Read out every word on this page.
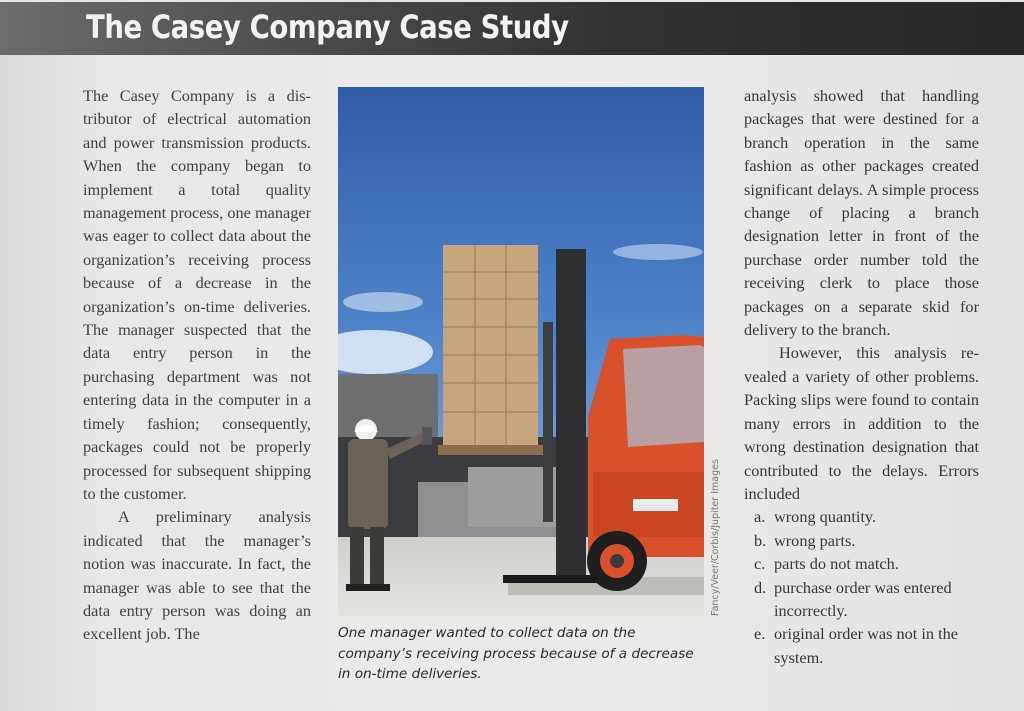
The Casey Company Case Study

The Casey Company is a distributor of electrical automation and power transmission products. When the company began to implement a total quality management process, one manager was eager to collect data about the organization’s receiving process because of a decrease in the organization’s on-time deliveries. The manager suspected that the data entry person in the purchasing department was not entering data in the computer in a timely fashion; consequently, packages could not be properly processed for subsequent shipping to the customer.

A preliminary analysis indicated that the manager’s notion was inaccurate. In fact, the manager was able to see that the data entry person was doing an excellent job. The

Fancy/Veer/Corbis/Jupiter Images
One manager wanted to collect data on the company’s receiving process because of a decrease in on-time deliveries.

analysis showed that handling packages that were destined for a branch operation in the same fashion as other packages created significant delays. A simple process change of placing a branch designation letter in front of the purchase order number told the receiving clerk to place those packages on a separate skid for delivery to the branch.

However, this analysis revealed a variety of other problems. Packing slips were found to contain many errors in addition to the wrong destination designation that contributed to the delays. Errors included

a. wrong quantity.
b. wrong parts.
c. parts do not match.
d. purchase order was entered incorrectly.
e. original order was not in the system.
